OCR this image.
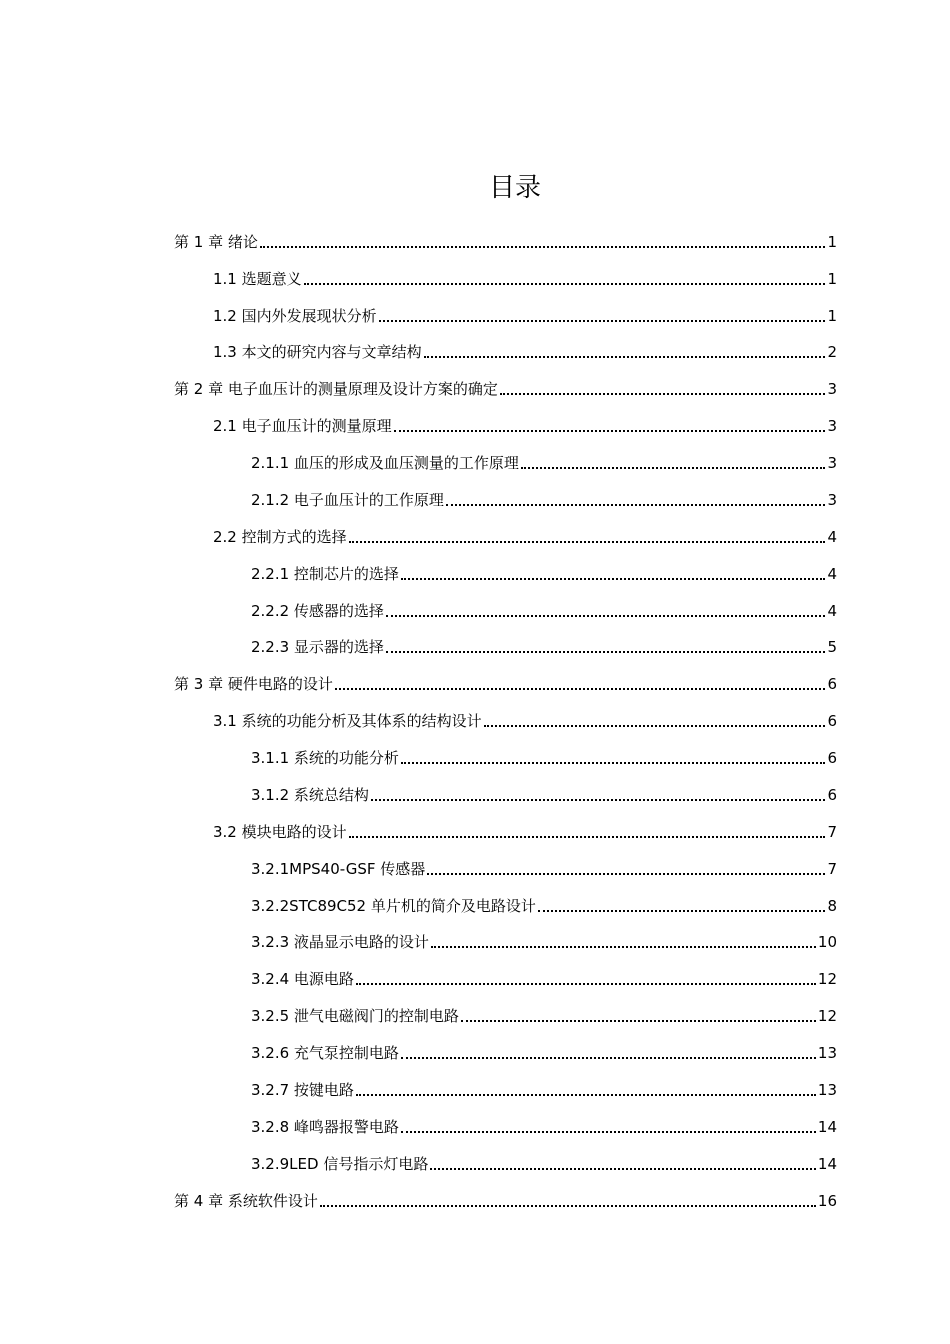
目录
第 1 章 绪论	1
1.1 选题意义	1
1.2 国内外发展现状分析	1
1.3 本文的研究内容与文章结构	2
第 2 章 电子血压计的测量原理及设计方案的确定	3
2.1 电子血压计的测量原理	3
2.1.1 血压的形成及血压测量的工作原理	3
2.1.2 电子血压计的工作原理	3
2.2 控制方式的选择	4
2.2.1 控制芯片的选择	4
2.2.2 传感器的选择	4
2.2.3 显示器的选择	5
第 3 章 硬件电路的设计	6
3.1 系统的功能分析及其体系的结构设计	6
3.1.1 系统的功能分析	6
3.1.2 系统总结构	6
3.2 模块电路的设计	7
3.2.1MPS40-GSF 传感器	7
3.2.2STC89C52 单片机的简介及电路设计	8
3.2.3 液晶显示电路的设计	10
3.2.4 电源电路	12
3.2.5 泄气电磁阀门的控制电路	12
3.2.6 充气泵控制电路	13
3.2.7 按键电路	13
3.2.8 峰鸣器报警电路	14
3.2.9LED 信号指示灯电路	14
第 4 章 系统软件设计	16
